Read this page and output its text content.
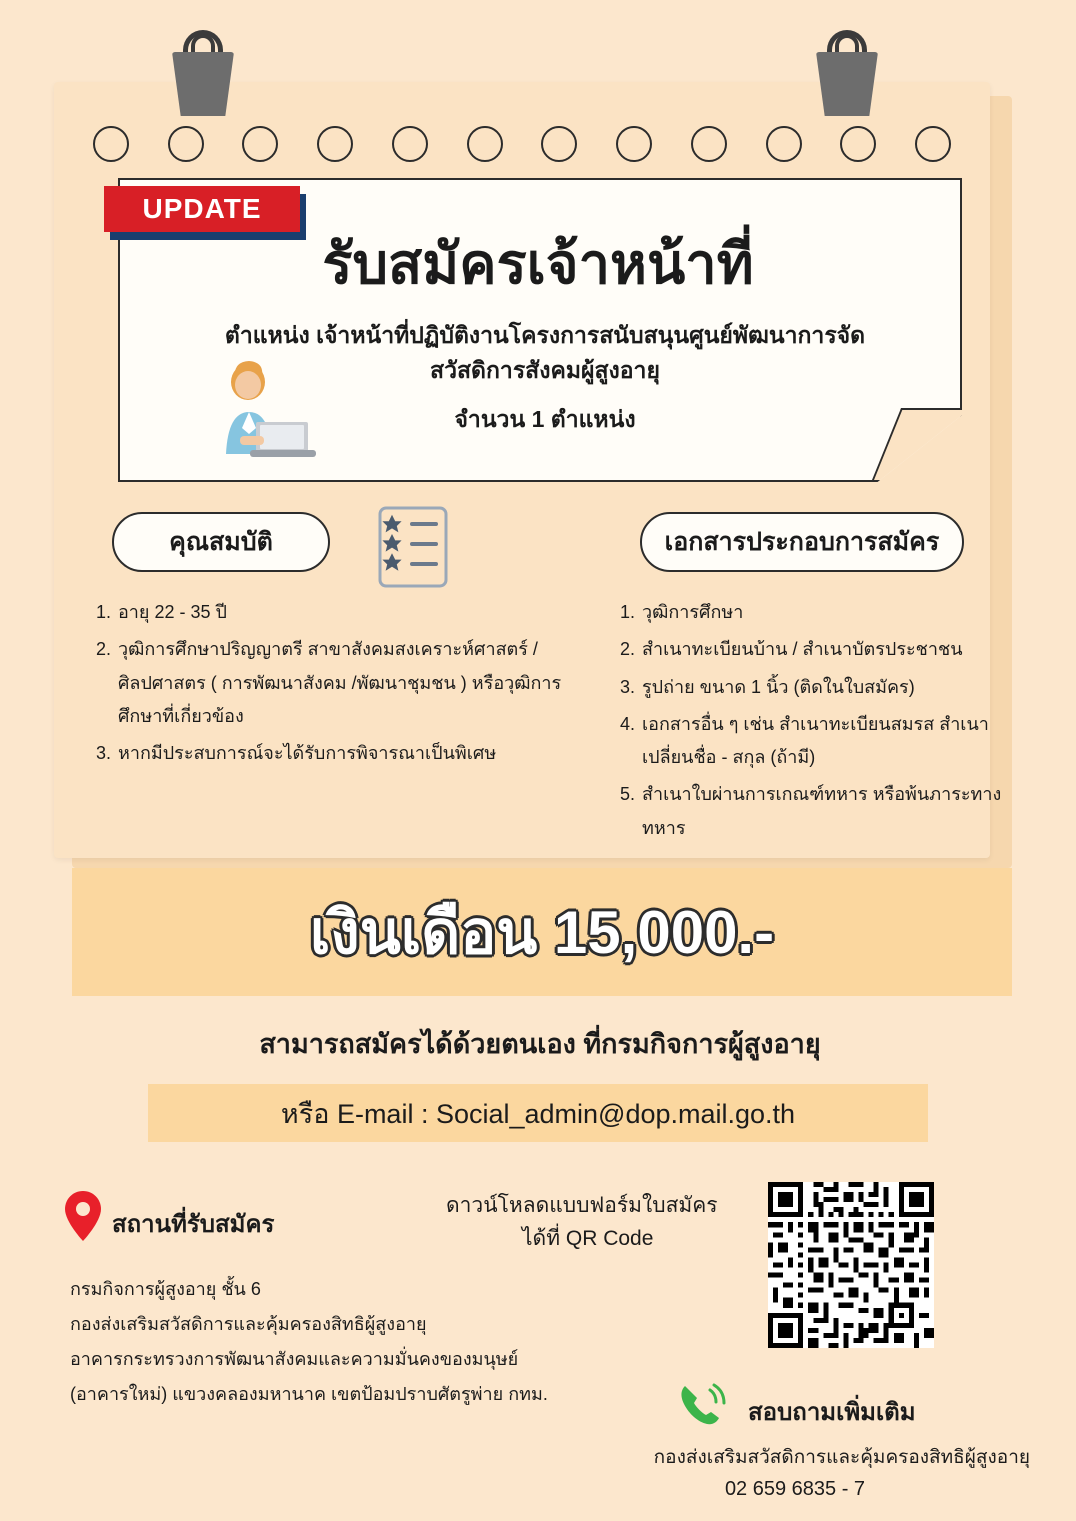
UPDATE
รับสมัครเจ้าหน้าที่
ตำแหน่ง เจ้าหน้าที่ปฏิบัติงานโครงการสนับสนุนศูนย์พัฒนาการจัด
สวัสดิการสังคมผู้สูงอายุ
จำนวน 1 ตำแหน่ง
คุณสมบัติ	เอกสารประกอบการสมัคร
1. อายุ 22 - 35 ปี
2. วุฒิการศึกษาปริญญาตรี สาขาสังคมสงเคราะห์ศาสตร์ / ศิลปศาสตร ( การพัฒนาสังคม /พัฒนาชุมชน ) หรือวุฒิการศึกษาที่เกี่ยวข้อง
3. หากมีประสบการณ์จะได้รับการพิจารณาเป็นพิเศษ
1. วุฒิการศึกษา
2. สำเนาทะเบียนบ้าน / สำเนาบัตรประชาชน
3. รูปถ่าย ขนาด 1 นิ้ว (ติดในใบสมัคร)
4. เอกสารอื่น ๆ เช่น สำเนาทะเบียนสมรส สำเนาเปลี่ยนชื่อ - สกุล (ถ้ามี)
5. สำเนาใบผ่านการเกณฑ์ทหาร หรือพ้นภาระทางทหาร
เงินเดือน 15,000.-
สามารถสมัครได้ด้วยตนเอง ที่กรมกิจการผู้สูงอายุ
หรือ E-mail : Social_admin@dop.mail.go.th
สถานที่รับสมัคร
กรมกิจการผู้สูงอายุ ชั้น 6
กองส่งเสริมสวัสดิการและคุ้มครองสิทธิผู้สูงอายุ
อาคารกระทรวงการพัฒนาสังคมและความมั่นคงของมนุษย์
(อาคารใหม่) แขวงคลองมหานาค เขตป้อมปราบศัตรูพ่าย กทม.
ดาวน์โหลดแบบฟอร์มใบสมัคร
ได้ที่ QR Code
สอบถามเพิ่มเติม
กองส่งเสริมสวัสดิการและคุ้มครองสิทธิผู้สูงอายุ
02 659 6835 - 7
